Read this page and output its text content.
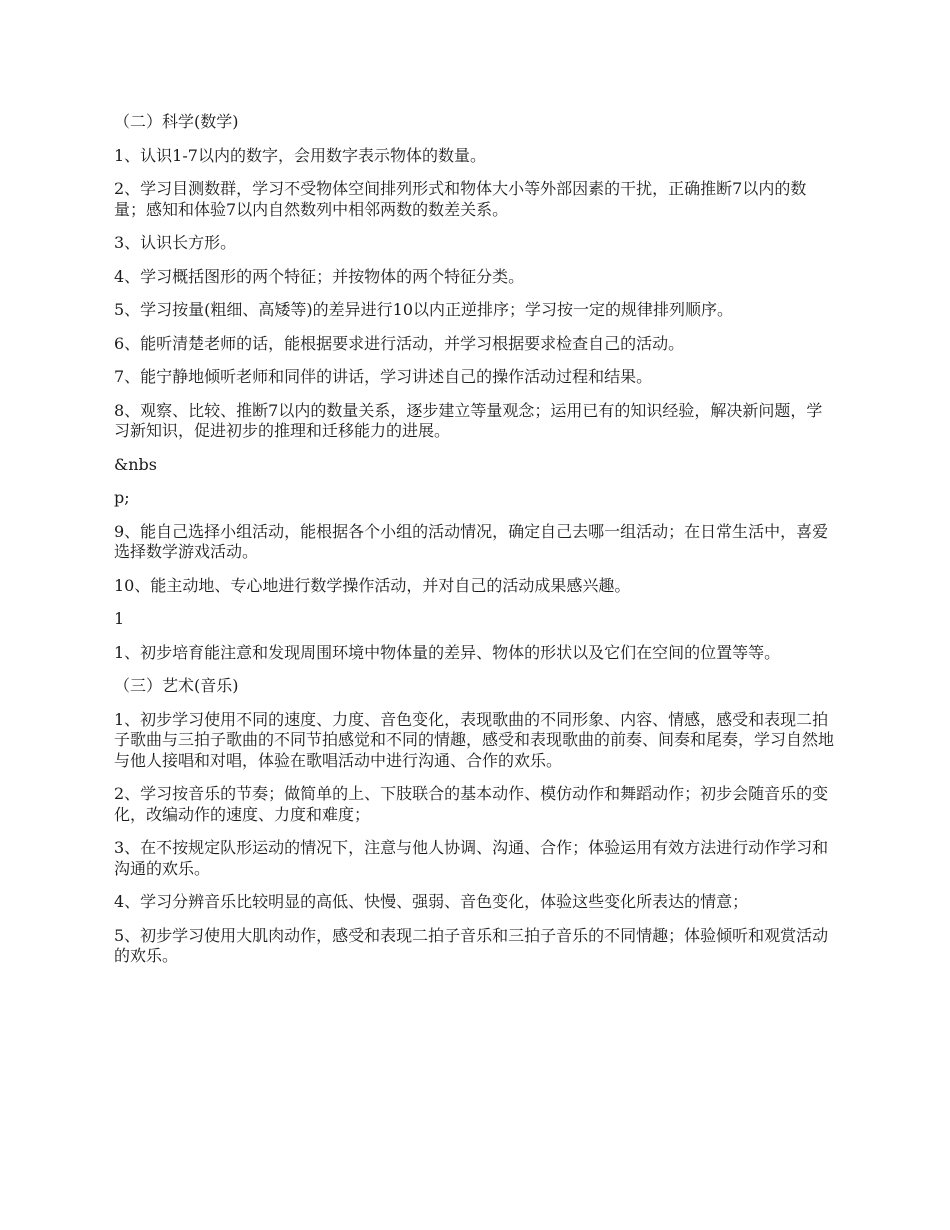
（二）科学(数学)

1、认识1-7以内的数字，会用数字表示物体的数量。

2、学习目测数群，学习不受物体空间排列形式和物体大小等外部因素的干扰，正确推断7以内的数量；感知和体验7以内自然数列中相邻两数的数差关系。

3、认识长方形。

4、学习概括图形的两个特征；并按物体的两个特征分类。

5、学习按量(粗细、高矮等)的差异进行10以内正逆排序；学习按一定的规律排列顺序。

6、能听清楚老师的话，能根据要求进行活动，并学习根据要求检查自己的活动。

7、能宁静地倾听老师和同伴的讲话，学习讲述自己的操作活动过程和结果。

8、观察、比较、推断7以内的数量关系，逐步建立等量观念；运用已有的知识经验，解决新问题，学习新知识，促进初步的推理和迁移能力的进展。

&nbs

p;

9、能自己选择小组活动，能根据各个小组的活动情况，确定自己去哪一组活动；在日常生活中，喜爱选择数学游戏活动。

10、能主动地、专心地进行数学操作活动，并对自己的活动成果感兴趣。

1

1、初步培育能注意和发现周围环境中物体量的差异、物体的形状以及它们在空间的位置等等。

（三）艺术(音乐)

1、初步学习使用不同的速度、力度、音色变化，表现歌曲的不同形象、内容、情感，感受和表现二拍子歌曲与三拍子歌曲的不同节拍感觉和不同的情趣，感受和表现歌曲的前奏、间奏和尾奏，学习自然地与他人接唱和对唱，体验在歌唱活动中进行沟通、合作的欢乐。

2、学习按音乐的节奏；做简单的上、下肢联合的基本动作、模仿动作和舞蹈动作；初步会随音乐的变化，改编动作的速度、力度和难度；

3、在不按规定队形运动的情况下，注意与他人协调、沟通、合作；体验运用有效方法进行动作学习和沟通的欢乐。

4、学习分辨音乐比较明显的高低、快慢、强弱、音色变化，体验这些变化所表达的情意；

5、初步学习使用大肌肉动作，感受和表现二拍子音乐和三拍子音乐的不同情趣；体验倾听和观赏活动的欢乐。
